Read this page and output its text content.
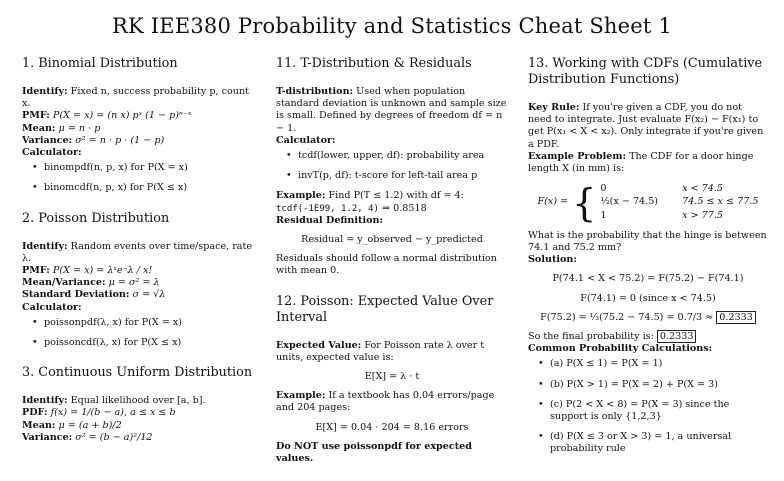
RK IEE380 Probability and Statistics Cheat Sheet 1
1. Binomial Distribution

Identify: Fixed n, success probability p, count x.

PMF: P(X = x) = (n x) pˣ (1 − p)ⁿ⁻ˣ

Mean: μ = n · p

Variance: σ² = n · p · (1 − p)

Calculator:

• binompdf(n, p, x) for P(X = x)
• binomcdf(n, p, x) for P(X ≤ x)
2. Poisson Distribution

Identify: Random events over time/space, rate λ.

PMF: P(X = x) = λˣe⁻λ / x!

Mean/Variance: μ = σ² = λ

Standard Deviation: σ = √λ

Calculator:

• poissonpdf(λ, x) for P(X = x)
• poissoncdf(λ, x) for P(X ≤ x)
3. Continuous Uniform Distribution

Identify: Equal likelihood over [a, b].

PDF: f(x) = 1/(b − a), a ≤ x ≤ b

Mean: μ = (a + b)/2

Variance: σ² = (b − a)²/12

11. T-Distribution & Residuals

T-distribution: Used when population standard deviation is unknown and sample size is small. Defined by degrees of freedom df = n − 1.

Calculator:

• tcdf(lower, upper, df): probability area
• invT(p, df): t-score for left-tail area p

Example: Find P(T ≤ 1.2) with df = 4:

tcdf(-1E99, 1.2, 4) ⇒ 0.8518

Residual Definition:

Residual = y_observed − y_predicted

Residuals should follow a normal distribution with mean 0.

12. Poisson: Expected Value Over Interval

Expected Value: For Poisson rate λ over t units, expected value is:

E[X] = λ · t

Example: If a textbook has 0.04 errors/page and 204 pages:

E[X] = 0.04 · 204 = 8.16 errors

Do NOT use poissonpdf for expected values.

13. Working with CDFs (Cumulative Distribution Functions)

Key Rule: If you're given a CDF, you do not need to integrate. Just evaluate F(x₂) − F(x₁) to get P(x₁ < X < x₂). Only integrate if you're given a PDF.

Example Problem: The CDF for a door hinge length X (in mm) is:

F(x) = { 0	x < 74.5
½(x − 74.5)	74.5 ≤ x ≤ 77.5
1	x > 77.5

What is the probability that the hinge is between 74.1 and 75.2 mm?

Solution:

P(74.1 < X < 75.2) = F(75.2) − F(74.1)

F(74.1) = 0 (since x < 74.5)

F(75.2) = ⅓(75.2 − 74.5) = 0.7/3 ≈ 0.2333

So the final probability is: 0.2333

Common Probability Calculations:

• (a) P(X ≤ 1) = P(X = 1)
• (b) P(X > 1) = P(X = 2) + P(X = 3)
• (c) P(2 < X < 8) = P(X = 3) since the support is only {1,2,3}
• (d) P(X ≤ 3 or X > 3) = 1, a universal probability rule
